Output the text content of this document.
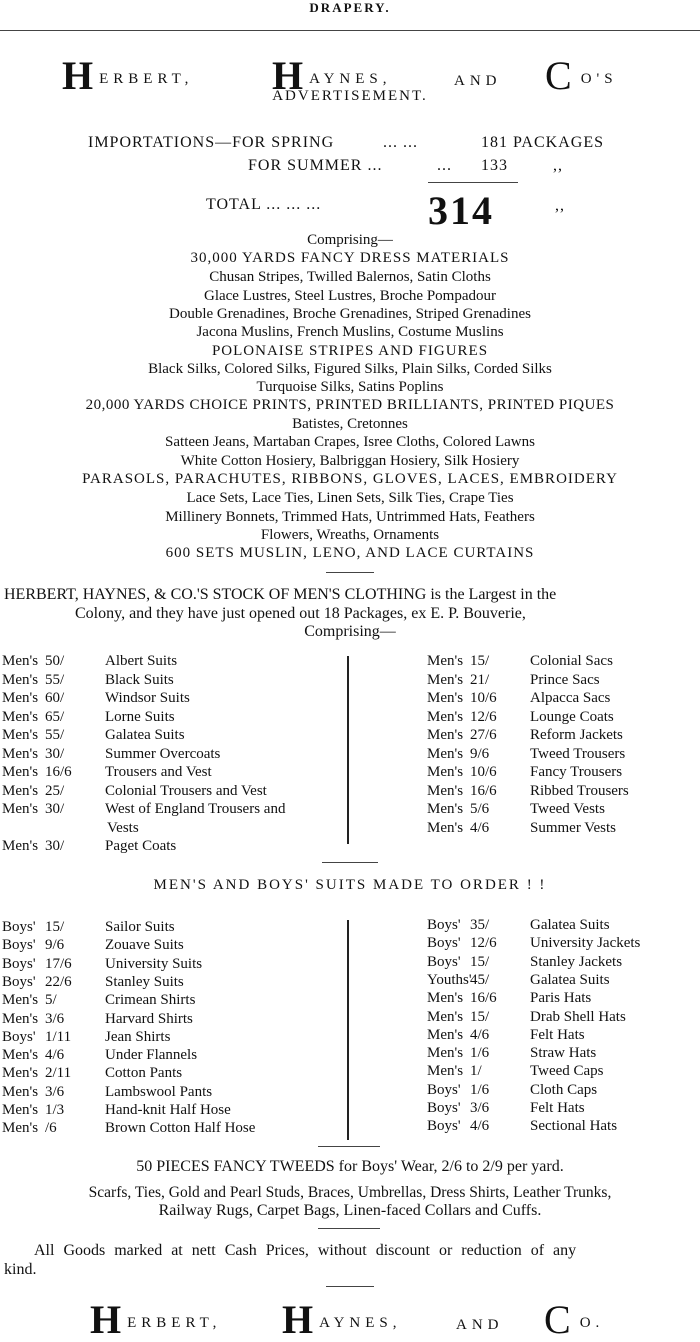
DRAPERY.
HERBERT, HAYNES,	AND C O'S
ADVERTISEMENT.
IMPORTATIONS—FOR SPRING	... ...	181 PACKAGES
FOR SUMMER ...	... 133	,,
TOTAL ... ... ...	314	,,
Comprising—
30,000 YARDS FANCY DRESS MATERIALS
Chusan Stripes, Twilled Balernos, Satin Cloths
Glace Lustres, Steel Lustres, Broche Pompadour
Double Grenadines, Broche Grenadines, Striped Grenadines
Jacona Muslins, French Muslins, Costume Muslins
POLONAISE STRIPES AND FIGURES
Black Silks, Colored Silks, Figured Silks, Plain Silks, Corded Silks
Turquoise Silks, Satins Poplins
20,000 YARDS CHOICE PRINTS, PRINTED BRILLIANTS, PRINTED PIQUES
Batistes, Cretonnes
Satteen Jeans, Martaban Crapes, Isree Cloths, Colored Lawns
White Cotton Hosiery, Balbriggan Hosiery, Silk Hosiery
PARASOLS, PARACHUTES, RIBBONS, GLOVES, LACES, EMBROIDERY
Lace Sets, Lace Ties, Linen Sets, Silk Ties, Crape Ties
Millinery Bonnets, Trimmed Hats, Untrimmed Hats, Feathers
Flowers, Wreaths, Ornaments
600 SETS MUSLIN, LENO, AND LACE CURTAINS
HERBERT, HAYNES, & CO.'S STOCK OF MEN'S CLOTHING is the Largest in the
Colony, and they have just opened out 18 Packages, ex E. P. Bouverie,
Comprising—
Men's 50/	Albert Suits
Men's 55/	Black Suits
Men's 60/	Windsor Suits
Men's 65/	Lorne Suits
Men's 55/	Galatea Suits
Men's 30/	Summer Overcoats
Men's 16/6 Trousers and Vest
Men's 25/	Colonial Trousers and Vest
Men's 30/	West of England Trousers and
Vests
Men's 30/	Paget Coats
Men's 15/	Colonial Sacs
Men's 21/	Prince Sacs
Men's 10/6 Alpacca Sacs
Men's 12/6 Lounge Coats
Men's 27/6 Reform Jackets
Men's 9/6	Tweed Trousers
Men's 10/6 Fancy Trousers
Men's 16/6 Ribbed Trousers
Men's 5/6	Tweed Vests
Men's 4/6	Summer Vests
MEN'S AND BOYS' SUITS MADE TO ORDER ! !
Boys' 15/	Sailor Suits
Boys' 9/6	Zouave Suits
Boys' 17/6 University Suits
Boys' 22/6 Stanley Suits
Men's 5/	Crimean Shirts
Men's 3/6	Harvard Shirts
Boys' 1/11 Jean Shirts
Men's 4/6	Under Flannels
Men's 2/11 Cotton Pants
Men's 3/6	Lambswool Pants
Men's 1/3	Hand-knit Half Hose
Men's /6	Brown Cotton Half Hose
Boys' 35/	Galatea Suits
Boys' 12/6 University Jackets
Boys' 15/	Stanley Jackets
Youths'45/	Galatea Suits
Men's 16/6 Paris Hats
Men's 15/	Drab Shell Hats
Men's 4/6	Felt Hats
Men's 1/6	Straw Hats
Men's 1/	Tweed Caps
Boys' 1/6	Cloth Caps
Boys' 3/6	Felt Hats
Boys' 4/6	Sectional Hats
50 PIECES FANCY TWEEDS for Boys' Wear, 2/6 to 2/9 per yard.
Scarfs, Ties, Gold and Pearl Studs, Braces, Umbrellas, Dress Shirts, Leather Trunks,
Railway Rugs, Carpet Bags, Linen-faced Collars and Cuffs.
All Goods marked at nett Cash Prices, without discount or reduction of any
kind.
HERBERT, HAYNES,	AND C O.
